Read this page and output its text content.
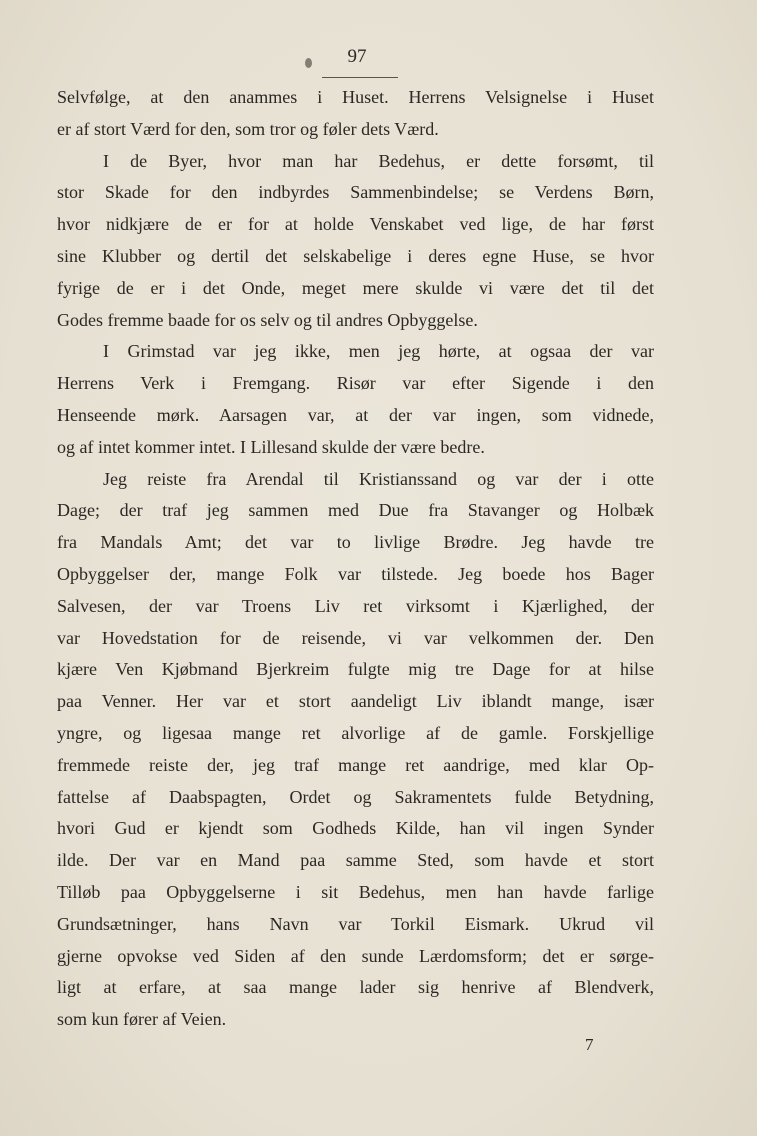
97
Selvfølge, at den anammes i Huset. Herrens Velsignelse i Huset
er af stort Værd for den, som tror og føler dets Værd.
I de Byer, hvor man har Bedehus, er dette forsømt, til
stor Skade for den indbyrdes Sammenbindelse; se Verdens Børn,
hvor nidkjære de er for at holde Venskabet ved lige, de har først
sine Klubber og dertil det selskabelige i deres egne Huse, se hvor
fyrige de er i det Onde, meget mere skulde vi være det til det
Godes fremme baade for os selv og til andres Opbyggelse.
I Grimstad var jeg ikke, men jeg hørte, at ogsaa der var
Herrens Verk i Fremgang. Risør var efter Sigende i den
Henseende mørk. Aarsagen var, at der var ingen, som vidnede,
og af intet kommer intet. I Lillesand skulde der være bedre.
Jeg reiste fra Arendal til Kristianssand og var der i otte
Dage; der traf jeg sammen med Due fra Stavanger og Holbæk
fra Mandals Amt; det var to livlige Brødre. Jeg havde tre
Opbyggelser der, mange Folk var tilstede. Jeg boede hos Bager
Salvesen, der var Troens Liv ret virksomt i Kjærlighed, der
var Hovedstation for de reisende, vi var velkommen der. Den
kjære Ven Kjøbmand Bjerkreim fulgte mig tre Dage for at hilse
paa Venner. Her var et stort aandeligt Liv iblandt mange, især
yngre, og ligesaa mange ret alvorlige af de gamle. Forskjellige
fremmede reiste der, jeg traf mange ret aandrige, med klar Op-
fattelse af Daabspagten, Ordet og Sakramentets fulde Betydning,
hvori Gud er kjendt som Godheds Kilde, han vil ingen Synder
ilde. Der var en Mand paa samme Sted, som havde et stort
Tilløb paa Opbyggelserne i sit Bedehus, men han havde farlige
Grundsætninger, hans Navn var Torkil Eismark. Ukrud vil
gjerne opvokse ved Siden af den sunde Lærdomsform; det er sørge-
ligt at erfare, at saa mange lader sig henrive af Blendverk,
som kun fører af Veien.
7
